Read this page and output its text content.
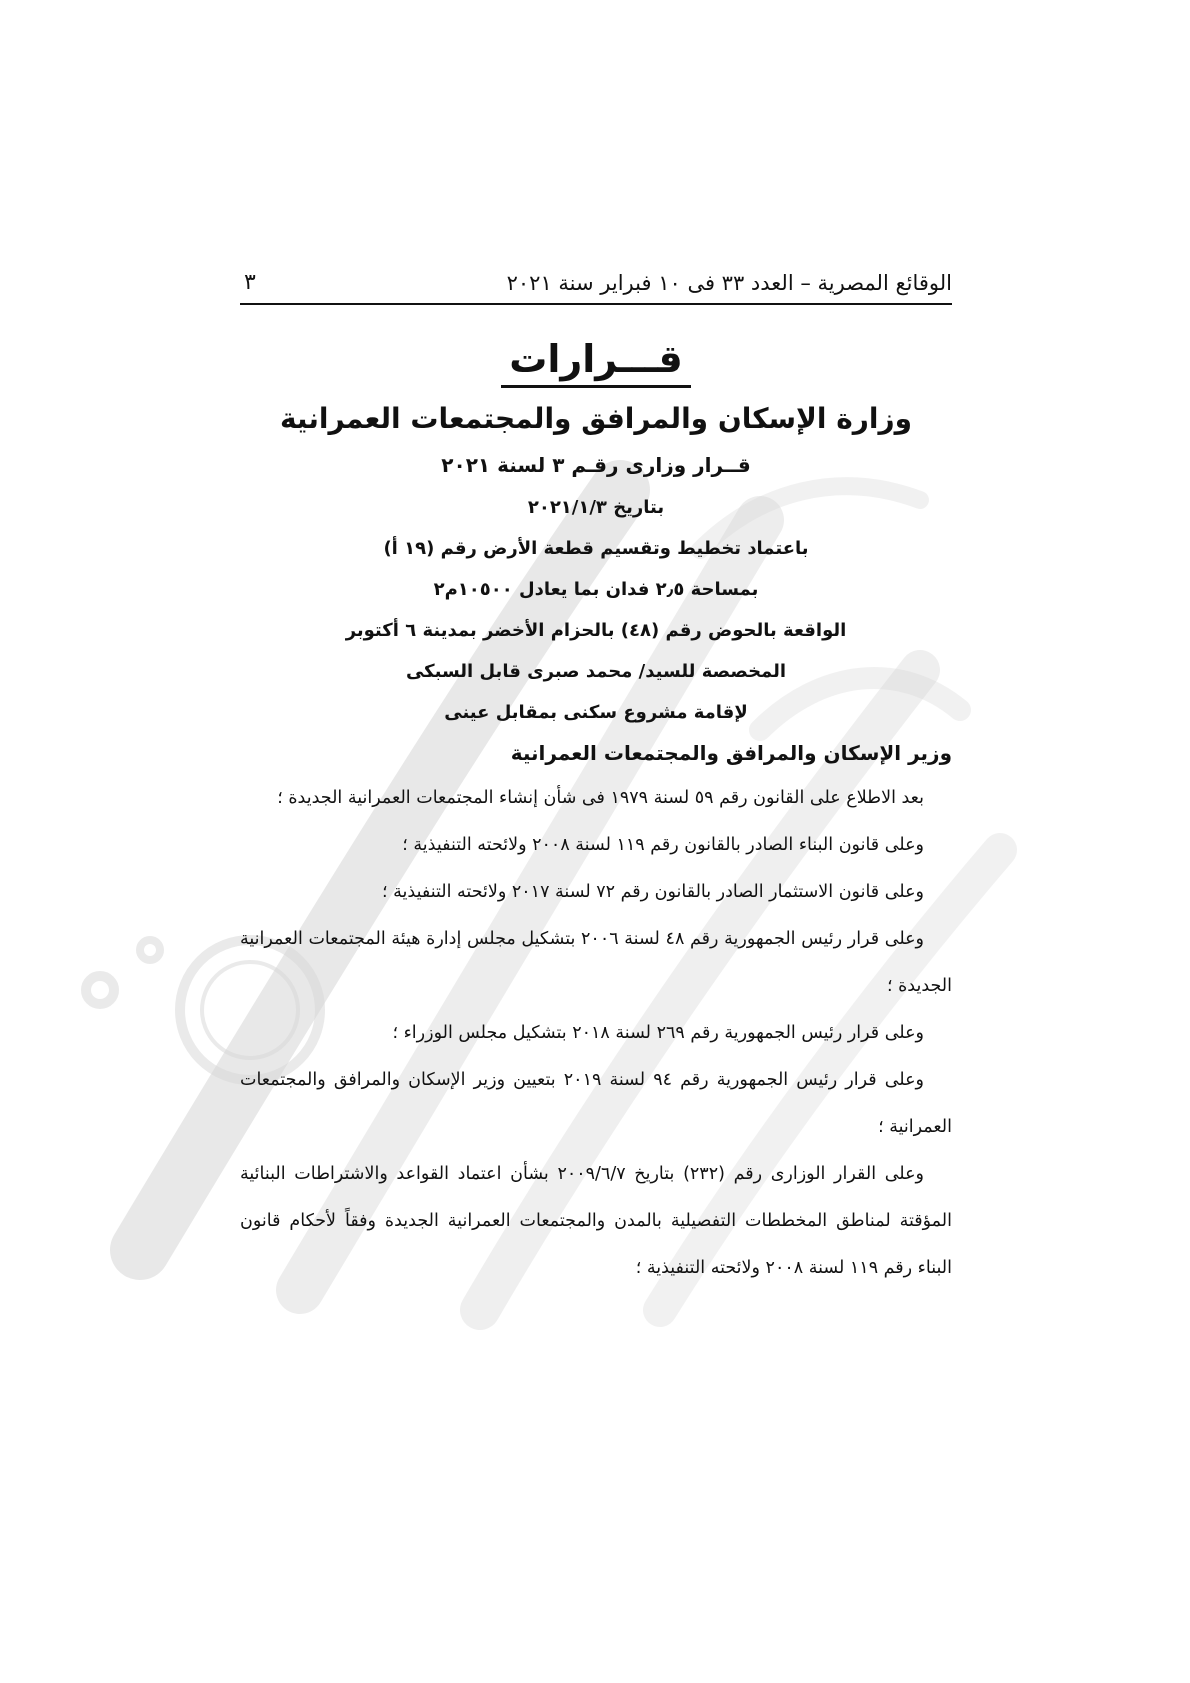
الوقائع المصرية – العدد ٣٣ فى ١٠ فبراير سنة ٢٠٢١
٣
قـــرارات
وزارة الإسكان والمرافق والمجتمعات العمرانية
قــرار وزارى رقـم ٣ لسنة ٢٠٢١
بتاريخ ٢٠٢١/١/٣
باعتماد تخطيط وتقسيم قطعة الأرض رقم (١٩ أ)
بمساحة ٢٫٥ فدان بما يعادل ١٠٥٠٠م٢
الواقعة بالحوض رقم (٤٨) بالحزام الأخضر بمدينة ٦ أكتوبر
المخصصة للسيد/ محمد صبرى قابل السبكى
لإقامة مشروع سكنى بمقابل عينى
وزير الإسكان والمرافق والمجتمعات العمرانية

بعد الاطلاع على القانون رقم ٥٩ لسنة ١٩٧٩ فى شأن إنشاء المجتمعات العمرانية الجديدة ؛

وعلى قانون البناء الصادر بالقانون رقم ١١٩ لسنة ٢٠٠٨ ولائحته التنفيذية ؛

وعلى قانون الاستثمار الصادر بالقانون رقم ٧٢ لسنة ٢٠١٧ ولائحته التنفيذية ؛

وعلى قرار رئيس الجمهورية رقم ٤٨ لسنة ٢٠٠٦ بتشكيل مجلس إدارة هيئة المجتمعات العمرانية الجديدة ؛

وعلى قرار رئيس الجمهورية رقم ٢٦٩ لسنة ٢٠١٨ بتشكيل مجلس الوزراء ؛

وعلى قرار رئيس الجمهورية رقم ٩٤ لسنة ٢٠١٩ بتعيين وزير الإسكان والمرافق والمجتمعات العمرانية ؛

وعلى القرار الوزارى رقم (٢٣٢) بتاريخ ٢٠٠٩/٦/٧ بشأن اعتماد القواعد والاشتراطات البنائية المؤقتة لمناطق المخططات التفصيلية بالمدن والمجتمعات العمرانية الجديدة وفقاً لأحكام قانون البناء رقم ١١٩ لسنة ٢٠٠٨ ولائحته التنفيذية ؛
